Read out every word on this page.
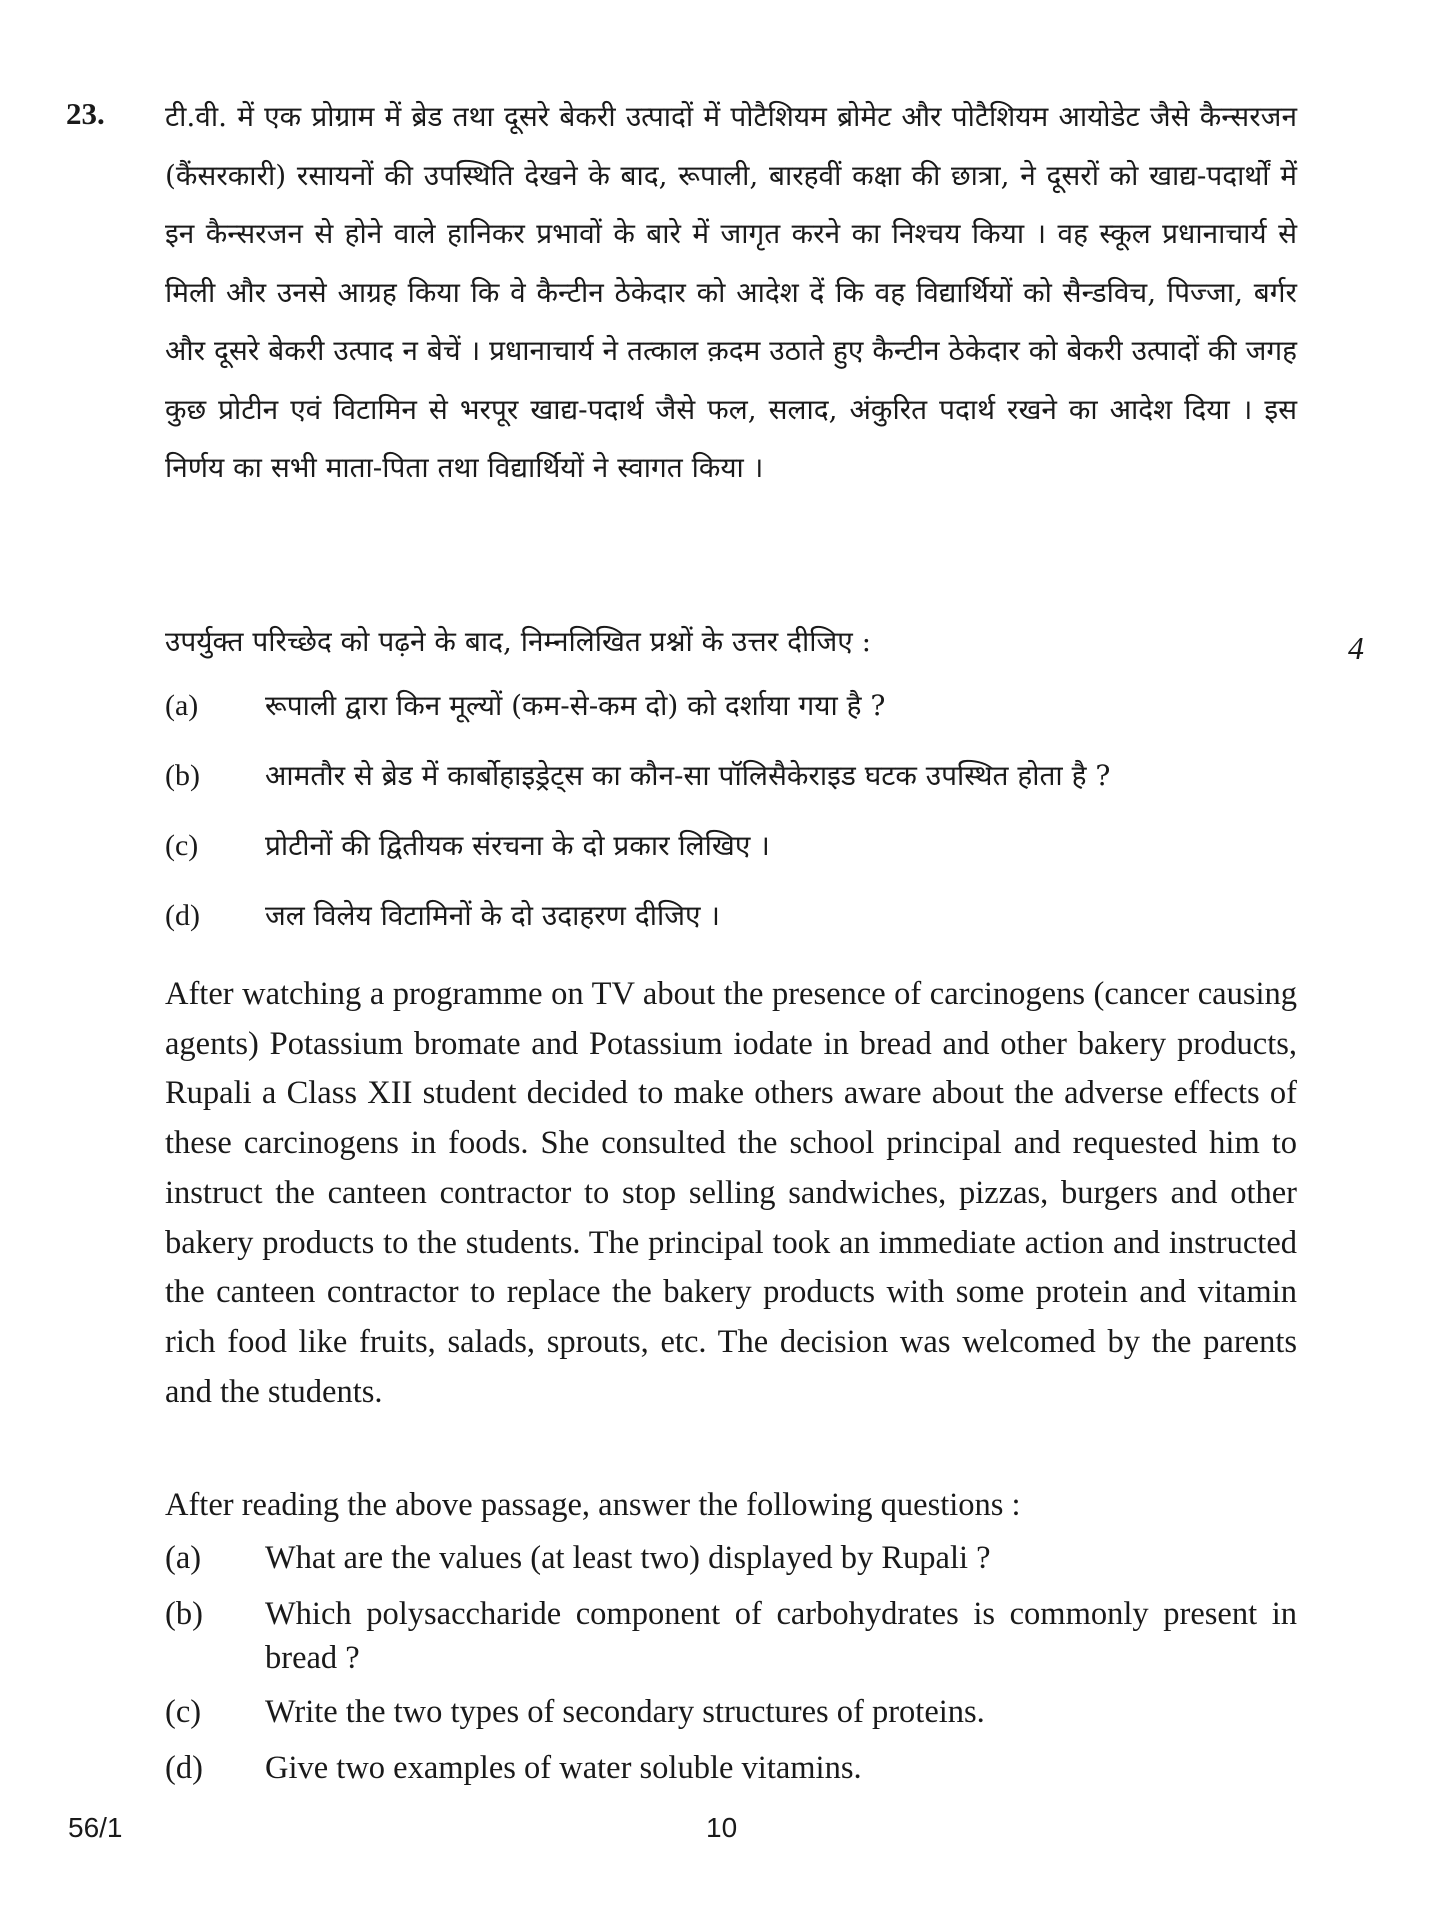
23. टी.वी. में एक प्रोग्राम में ब्रेड तथा दूसरे बेकरी उत्पादों में पोटैशियम ब्रोमेट और पोटैशियम आयोडेट जैसे कैन्सरजन (कैंसरकारी) रसायनों की उपस्थिति देखने के बाद, रूपाली, बारहवीं कक्षा की छात्रा, ने दूसरों को खाद्य-पदार्थों में इन कैन्सरजन से होने वाले हानिकर प्रभावों के बारे में जागृत करने का निश्चय किया । वह स्कूल प्रधानाचार्य से मिली और उनसे आग्रह किया कि वे कैन्टीन ठेकेदार को आदेश दें कि वह विद्यार्थियों को सैन्डविच, पिज्जा, बर्गर और दूसरे बेकरी उत्पाद न बेचें । प्रधानाचार्य ने तत्काल क़दम उठाते हुए कैन्टीन ठेकेदार को बेकरी उत्पादों की जगह कुछ प्रोटीन एवं विटामिन से भरपूर खाद्य-पदार्थ जैसे फल, सलाद, अंकुरित पदार्थ रखने का आदेश दिया । इस निर्णय का सभी माता-पिता तथा विद्यार्थियों ने स्वागत किया ।
उपर्युक्त परिच्छेद को पढ़ने के बाद, निम्नलिखित प्रश्नों के उत्तर दीजिए :	4
(a) रूपाली द्वारा किन मूल्यों (कम-से-कम दो) को दर्शाया गया है ?
(b) आमतौर से ब्रेड में कार्बोहाइड्रेट्स का कौन-सा पॉलिसैकेराइड घटक उपस्थित होता है ?
(c) प्रोटीनों की द्वितीयक संरचना के दो प्रकार लिखिए ।
(d) जल विलेय विटामिनों के दो उदाहरण दीजिए ।
After watching a programme on TV about the presence of carcinogens (cancer causing agents) Potassium bromate and Potassium iodate in bread and other bakery products, Rupali a Class XII student decided to make others aware about the adverse effects of these carcinogens in foods. She consulted the school principal and requested him to instruct the canteen contractor to stop selling sandwiches, pizzas, burgers and other bakery products to the students. The principal took an immediate action and instructed the canteen contractor to replace the bakery products with some protein and vitamin rich food like fruits, salads, sprouts, etc. The decision was welcomed by the parents and the students.
After reading the above passage, answer the following questions :
(a) What are the values (at least two) displayed by Rupali ?
(b) Which polysaccharide component of carbohydrates is commonly present in bread ?
(c) Write the two types of secondary structures of proteins.
(d) Give two examples of water soluble vitamins.
56/1	10
